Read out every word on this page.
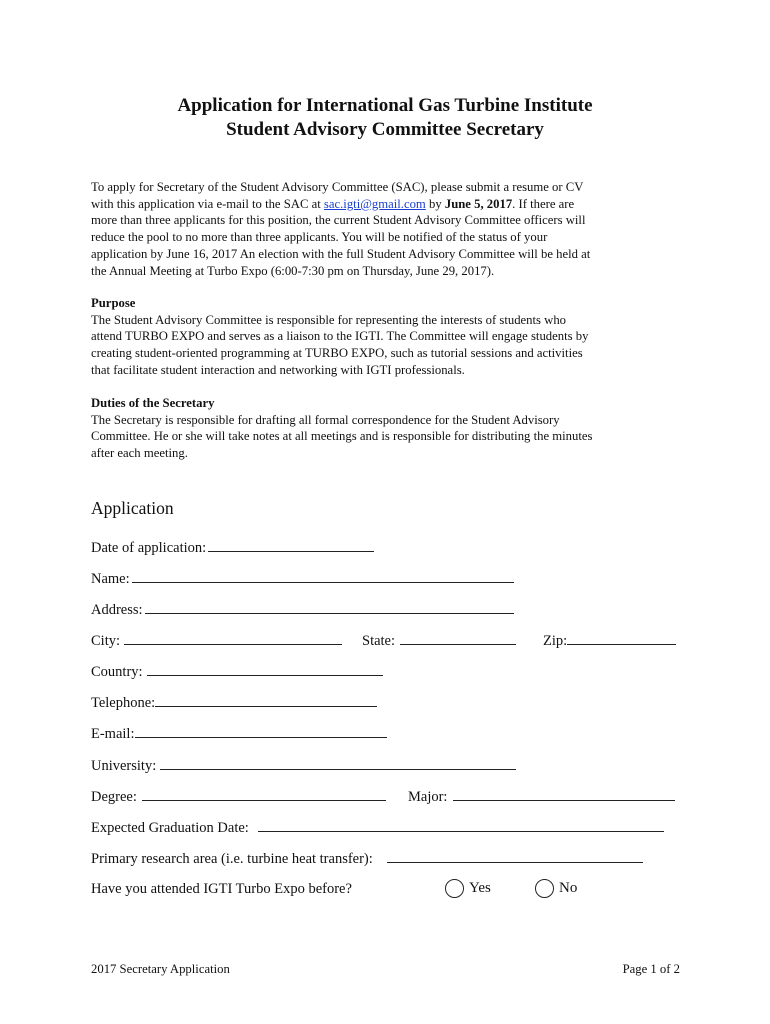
Application for International Gas Turbine Institute
Student Advisory Committee Secretary
To apply for Secretary of the Student Advisory Committee (SAC), please submit a resume or CV
with this application via e-mail to the SAC at sac.igti@gmail.com by June 5, 2017. If there are
more than three applicants for this position, the current Student Advisory Committee officers will
reduce the pool to no more than three applicants. You will be notified of the status of your
application by June 16, 2017 An election with the full Student Advisory Committee will be held at
the Annual Meeting at Turbo Expo (6:00-7:30 pm on Thursday, June 29, 2017).
Purpose
The Student Advisory Committee is responsible for representing the interests of students who
attend TURBO EXPO and serves as a liaison to the IGTI. The Committee will engage students by
creating student-oriented programming at TURBO EXPO, such as tutorial sessions and activities
that facilitate student interaction and networking with IGTI professionals.
Duties of the Secretary
The Secretary is responsible for drafting all formal correspondence for the Student Advisory
Committee. He or she will take notes at all meetings and is responsible for distributing the minutes
after each meeting.
Application
Date of application:
Name:
Address:
City:	State:	Zip:
Country:
Telephone:
E-mail:
University:
Degree:	Major:
Expected Graduation Date:
Primary research area (i.e. turbine heat transfer):
Have you attended IGTI Turbo Expo before?	Yes	No
2017 Secretary Application	Page 1 of 2
